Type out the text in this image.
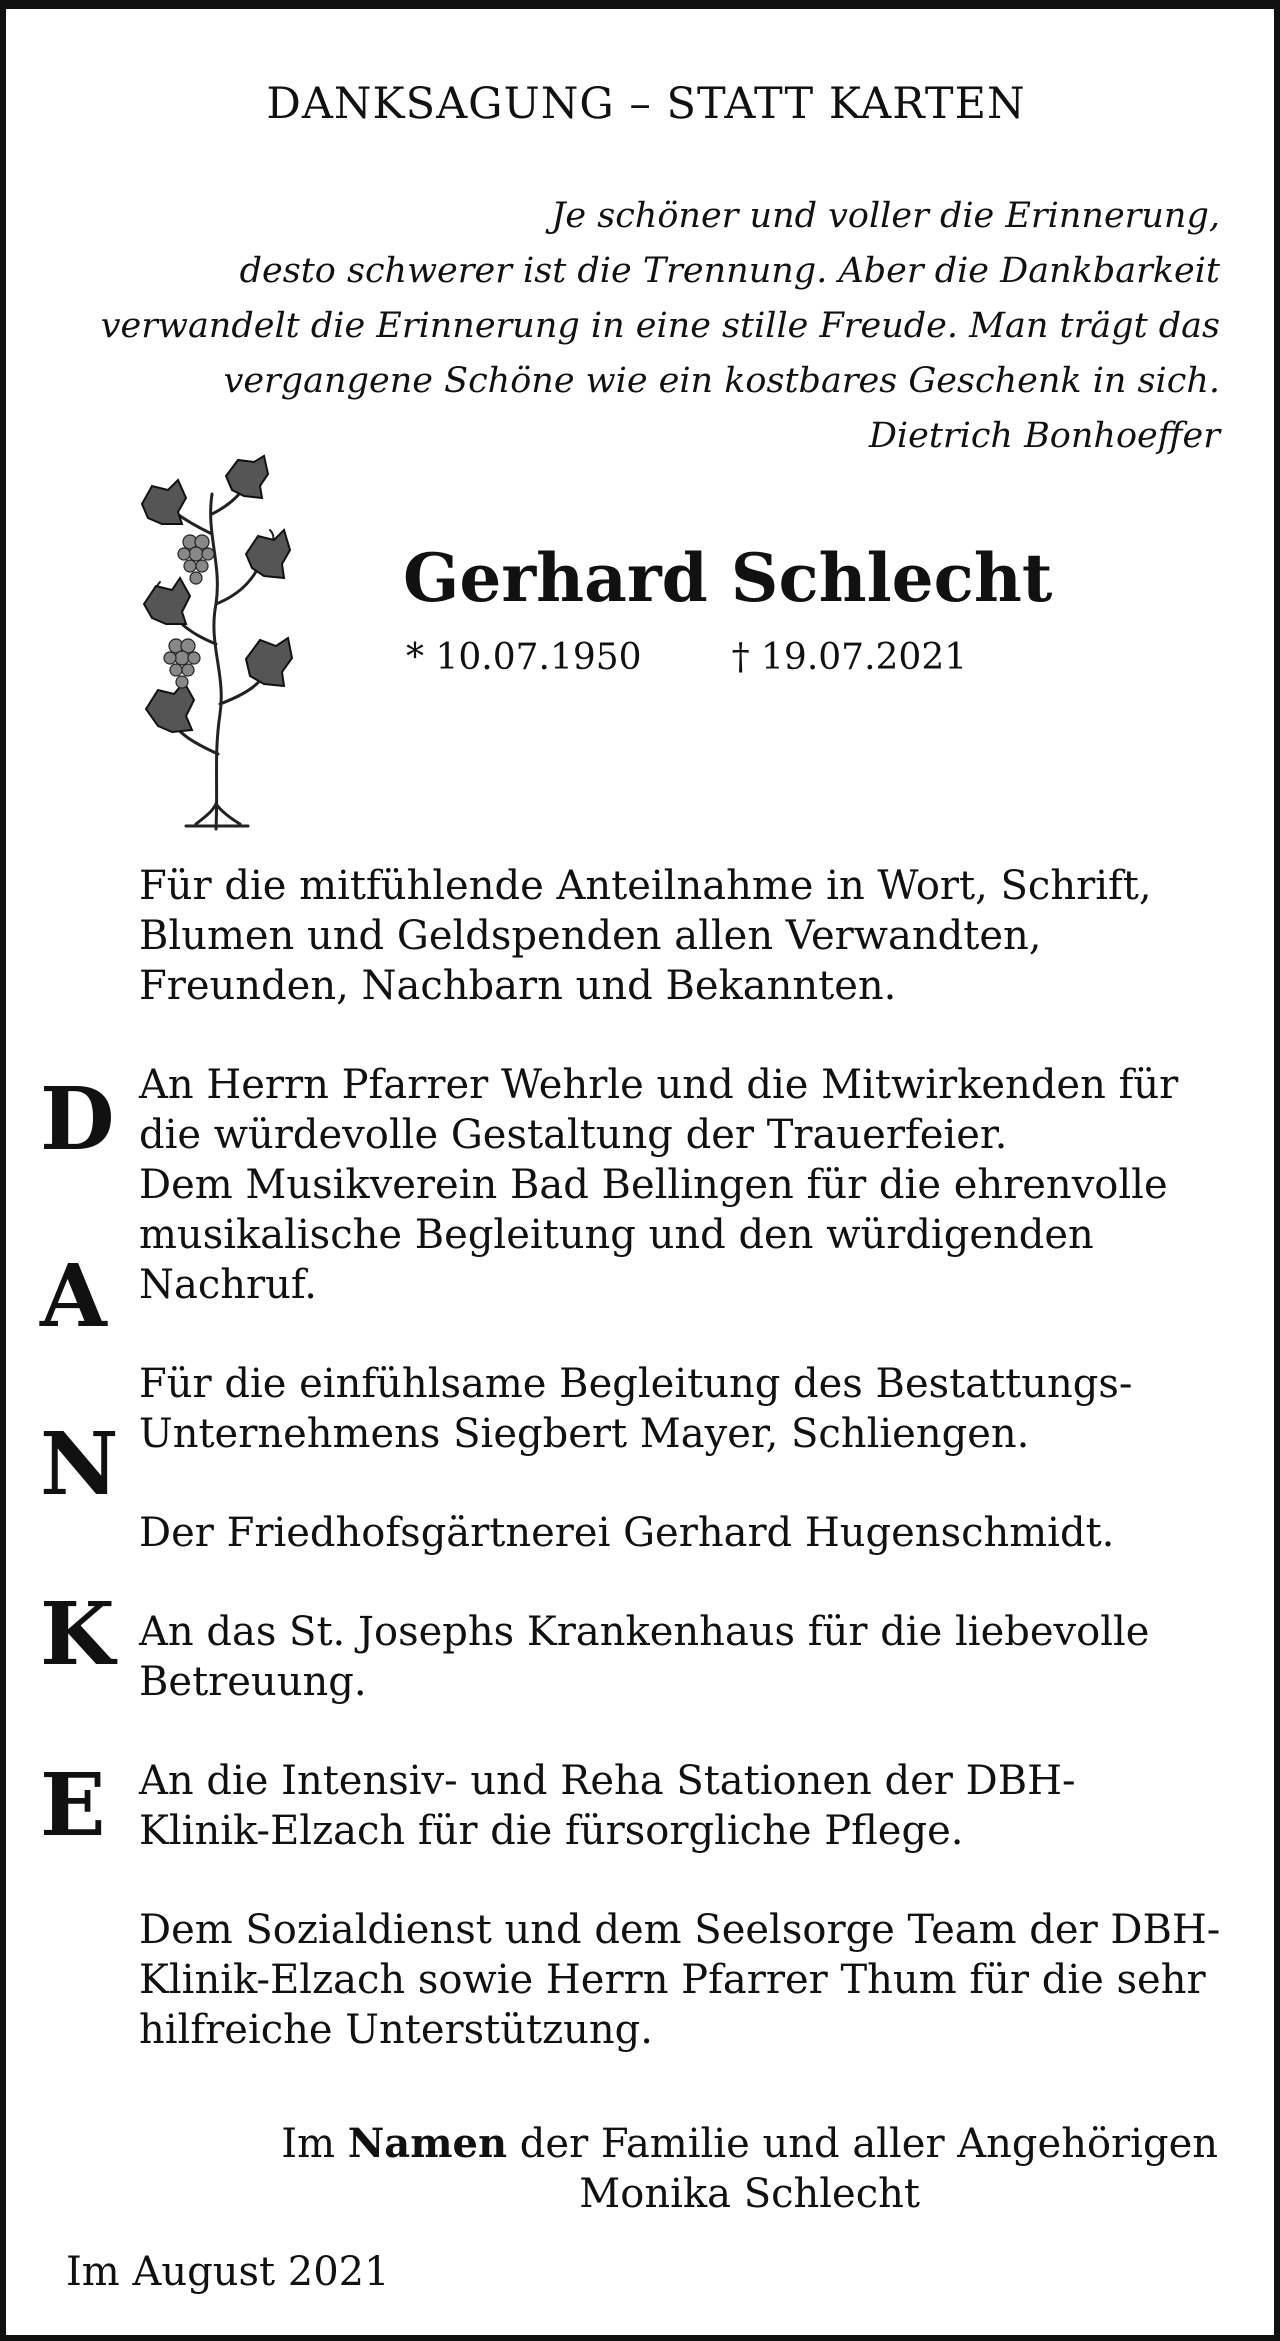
DANKSAGUNG – STATT KARTEN
Je schöner und voller die Erinnerung,
desto schwerer ist die Trennung. Aber die Dankbarkeit
verwandelt die Erinnerung in eine stille Freude. Man trägt das
vergangene Schöne wie ein kostbares Geschenk in sich.
Dietrich Bonhoeffer
Gerhard Schlecht
* 10.07.1950	† 19.07.2021
D
A
N
K
E
Für die mitfühlende Anteilnahme in Wort, Schrift,
Blumen und Geldspenden allen Verwandten,
Freunden, Nachbarn und Bekannten.
An Herrn Pfarrer Wehrle und die Mitwirkenden für
die würdevolle Gestaltung der Trauerfeier.
Dem Musikverein Bad Bellingen für die ehrenvolle
musikalische Begleitung und den würdigenden
Nachruf.
Für die einfühlsame Begleitung des Bestattungs-
Unternehmens Siegbert Mayer, Schliengen.
Der Friedhofsgärtnerei Gerhard Hugenschmidt.
An das St. Josephs Krankenhaus für die liebevolle
Betreuung.
An die Intensiv- und Reha Stationen der DBH-
Klinik-Elzach für die fürsorgliche Pflege.
Dem Sozialdienst und dem Seelsorge Team der DBH-
Klinik-Elzach sowie Herrn Pfarrer Thum für die sehr
hilfreiche Unterstützung.
Im Namen der Familie und aller Angehörigen
Monika Schlecht
Im August 2021
